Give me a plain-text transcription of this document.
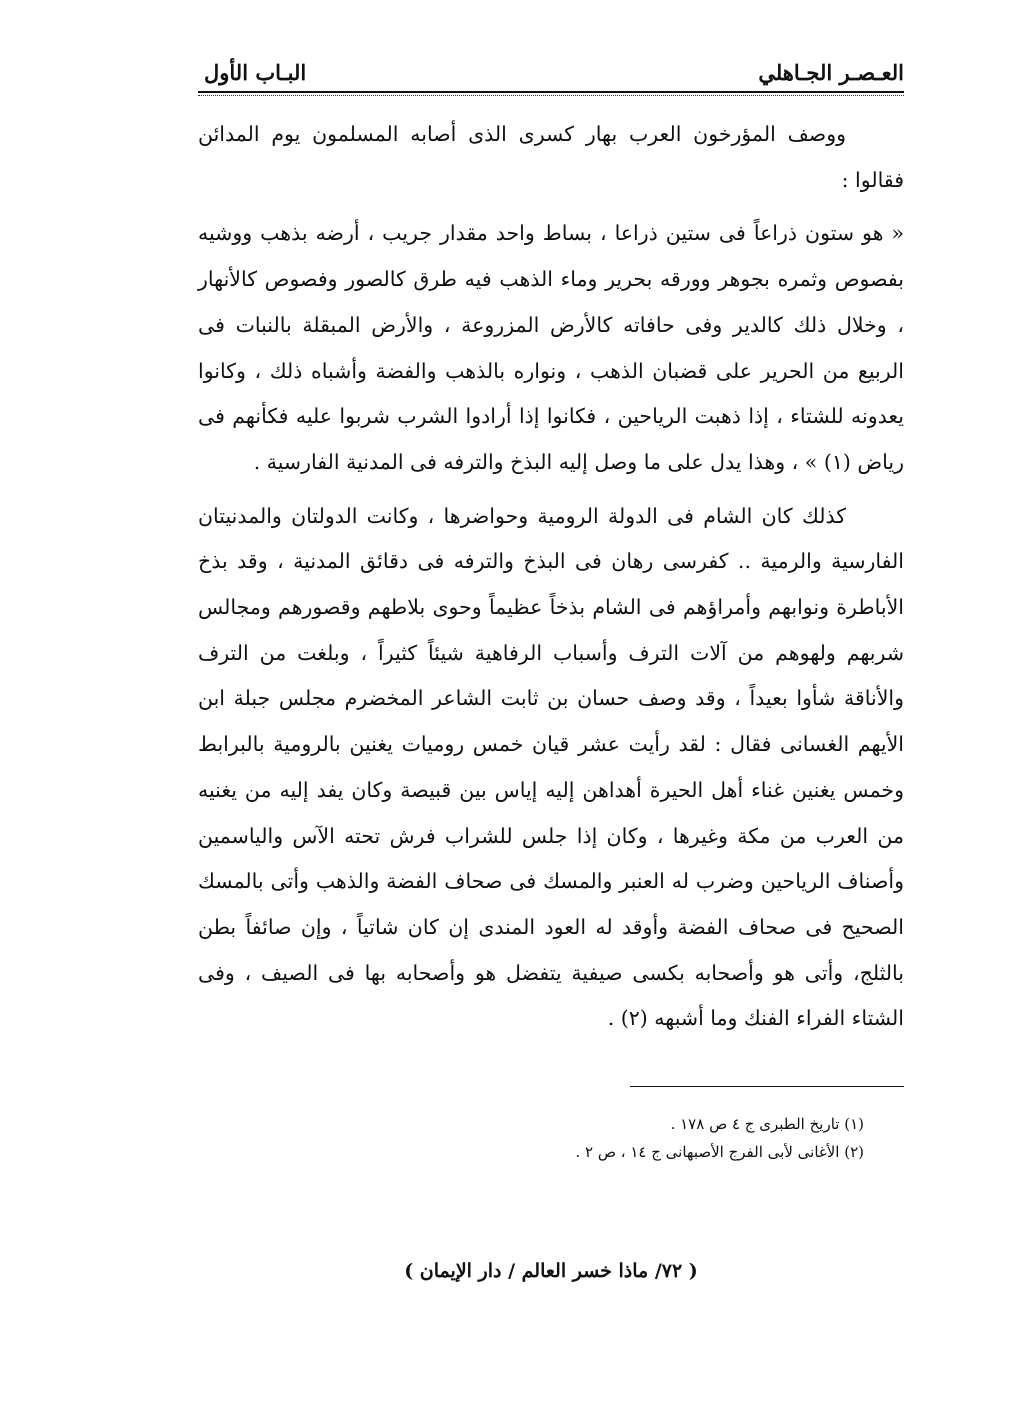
العـصـر الجـاهلي
البـاب الأول

ووصف المؤرخون العرب بهار كسرى الذى أصابه المسلمون يوم المدائن فقالوا :

« هو ستون ذراعاً فى ستين ذراعا ، بساط واحد مقدار جريب ، أرضه بذهب ووشيه بفصوص وثمره بجوهر وورقه بحرير وماء الذهب فيه طرق كالصور وفصوص كالأنهار ، وخلال ذلك كالدير وفى حافاته كالأرض المزروعة ، والأرض المبقلة بالنبات فى الربيع من الحرير على قضبان الذهب ، ونواره بالذهب والفضة وأشباه ذلك ، وكانوا يعدونه للشتاء ، إذا ذهبت الرياحين ، فكانوا إذا أرادوا الشرب شربوا عليه فكأنهم فى رياض (١) » ، وهذا يدل على ما وصل إليه البذخ والترفه فى المدنية الفارسية .

كذلك كان الشام فى الدولة الرومية وحواضرها ، وكانت الدولتان والمدنيتان الفارسية والرمية .. كفرسى رهان فى البذخ والترفه فى دقائق المدنية ، وقد بذخ الأباطرة ونوابهم وأمراؤهم فى الشام بذخاً عظيماً وحوى بلاطهم وقصورهم ومجالس شربهم ولهوهم من آلات الترف وأسباب الرفاهية شيئاً كثيراً ، وبلغت من الترف والأناقة شأوا بعيداً ، وقد وصف حسان بن ثابت الشاعر المخضرم مجلس جبلة ابن الأيهم الغسانى فقال : لقد رأيت عشر قيان خمس روميات يغنين بالرومية بالبرابط وخمس يغنين غناء أهل الحيرة أهداهن إليه إياس بين قبيصة وكان يفد إليه من يغنيه من العرب من مكة وغيرها ، وكان إذا جلس للشراب فرش تحته الآس والياسمين وأصناف الرياحين وضرب له العنبر والمسك فى صحاف الفضة والذهب وأتى بالمسك الصحيح فى صحاف الفضة وأوقد له العود المندى إن كان شاتياً ، وإن صائفاً بطن بالثلج، وأتى هو وأصحابه بكسى صيفية يتفضل هو وأصحابه بها فى الصيف ، وفى الشتاء الفراء الفنك وما أشبهه (٢) .

(١) تاريخ الطبرى ج ٤ ص ١٧٨ .
(٢) الأغانى لأبى الفرج الأصبهانى ج ١٤ ، ص ٢ .
( ٧٢/ ماذا خسر العالم / دار الإيمان )
